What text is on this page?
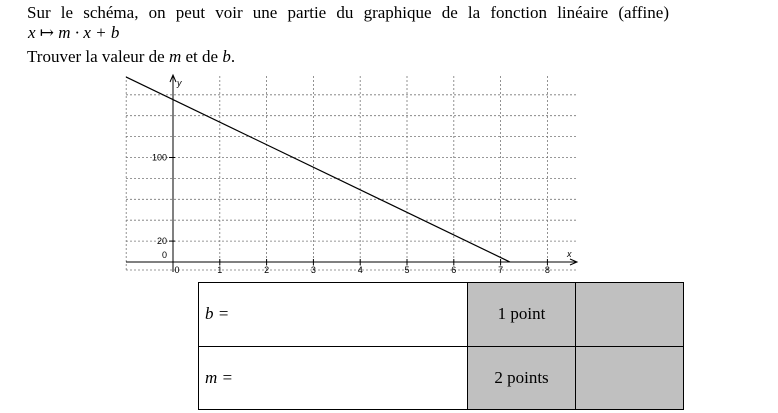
Sur le schéma, on peut voir une partie du graphique de la fonction linéaire (affine)
x ↦ m · x + b
Trouver la valeur de m et de b.
0	1	2	3	4	5	6	7	8
0
20
100
x
y
b =	1 point	
m =	2 points	
